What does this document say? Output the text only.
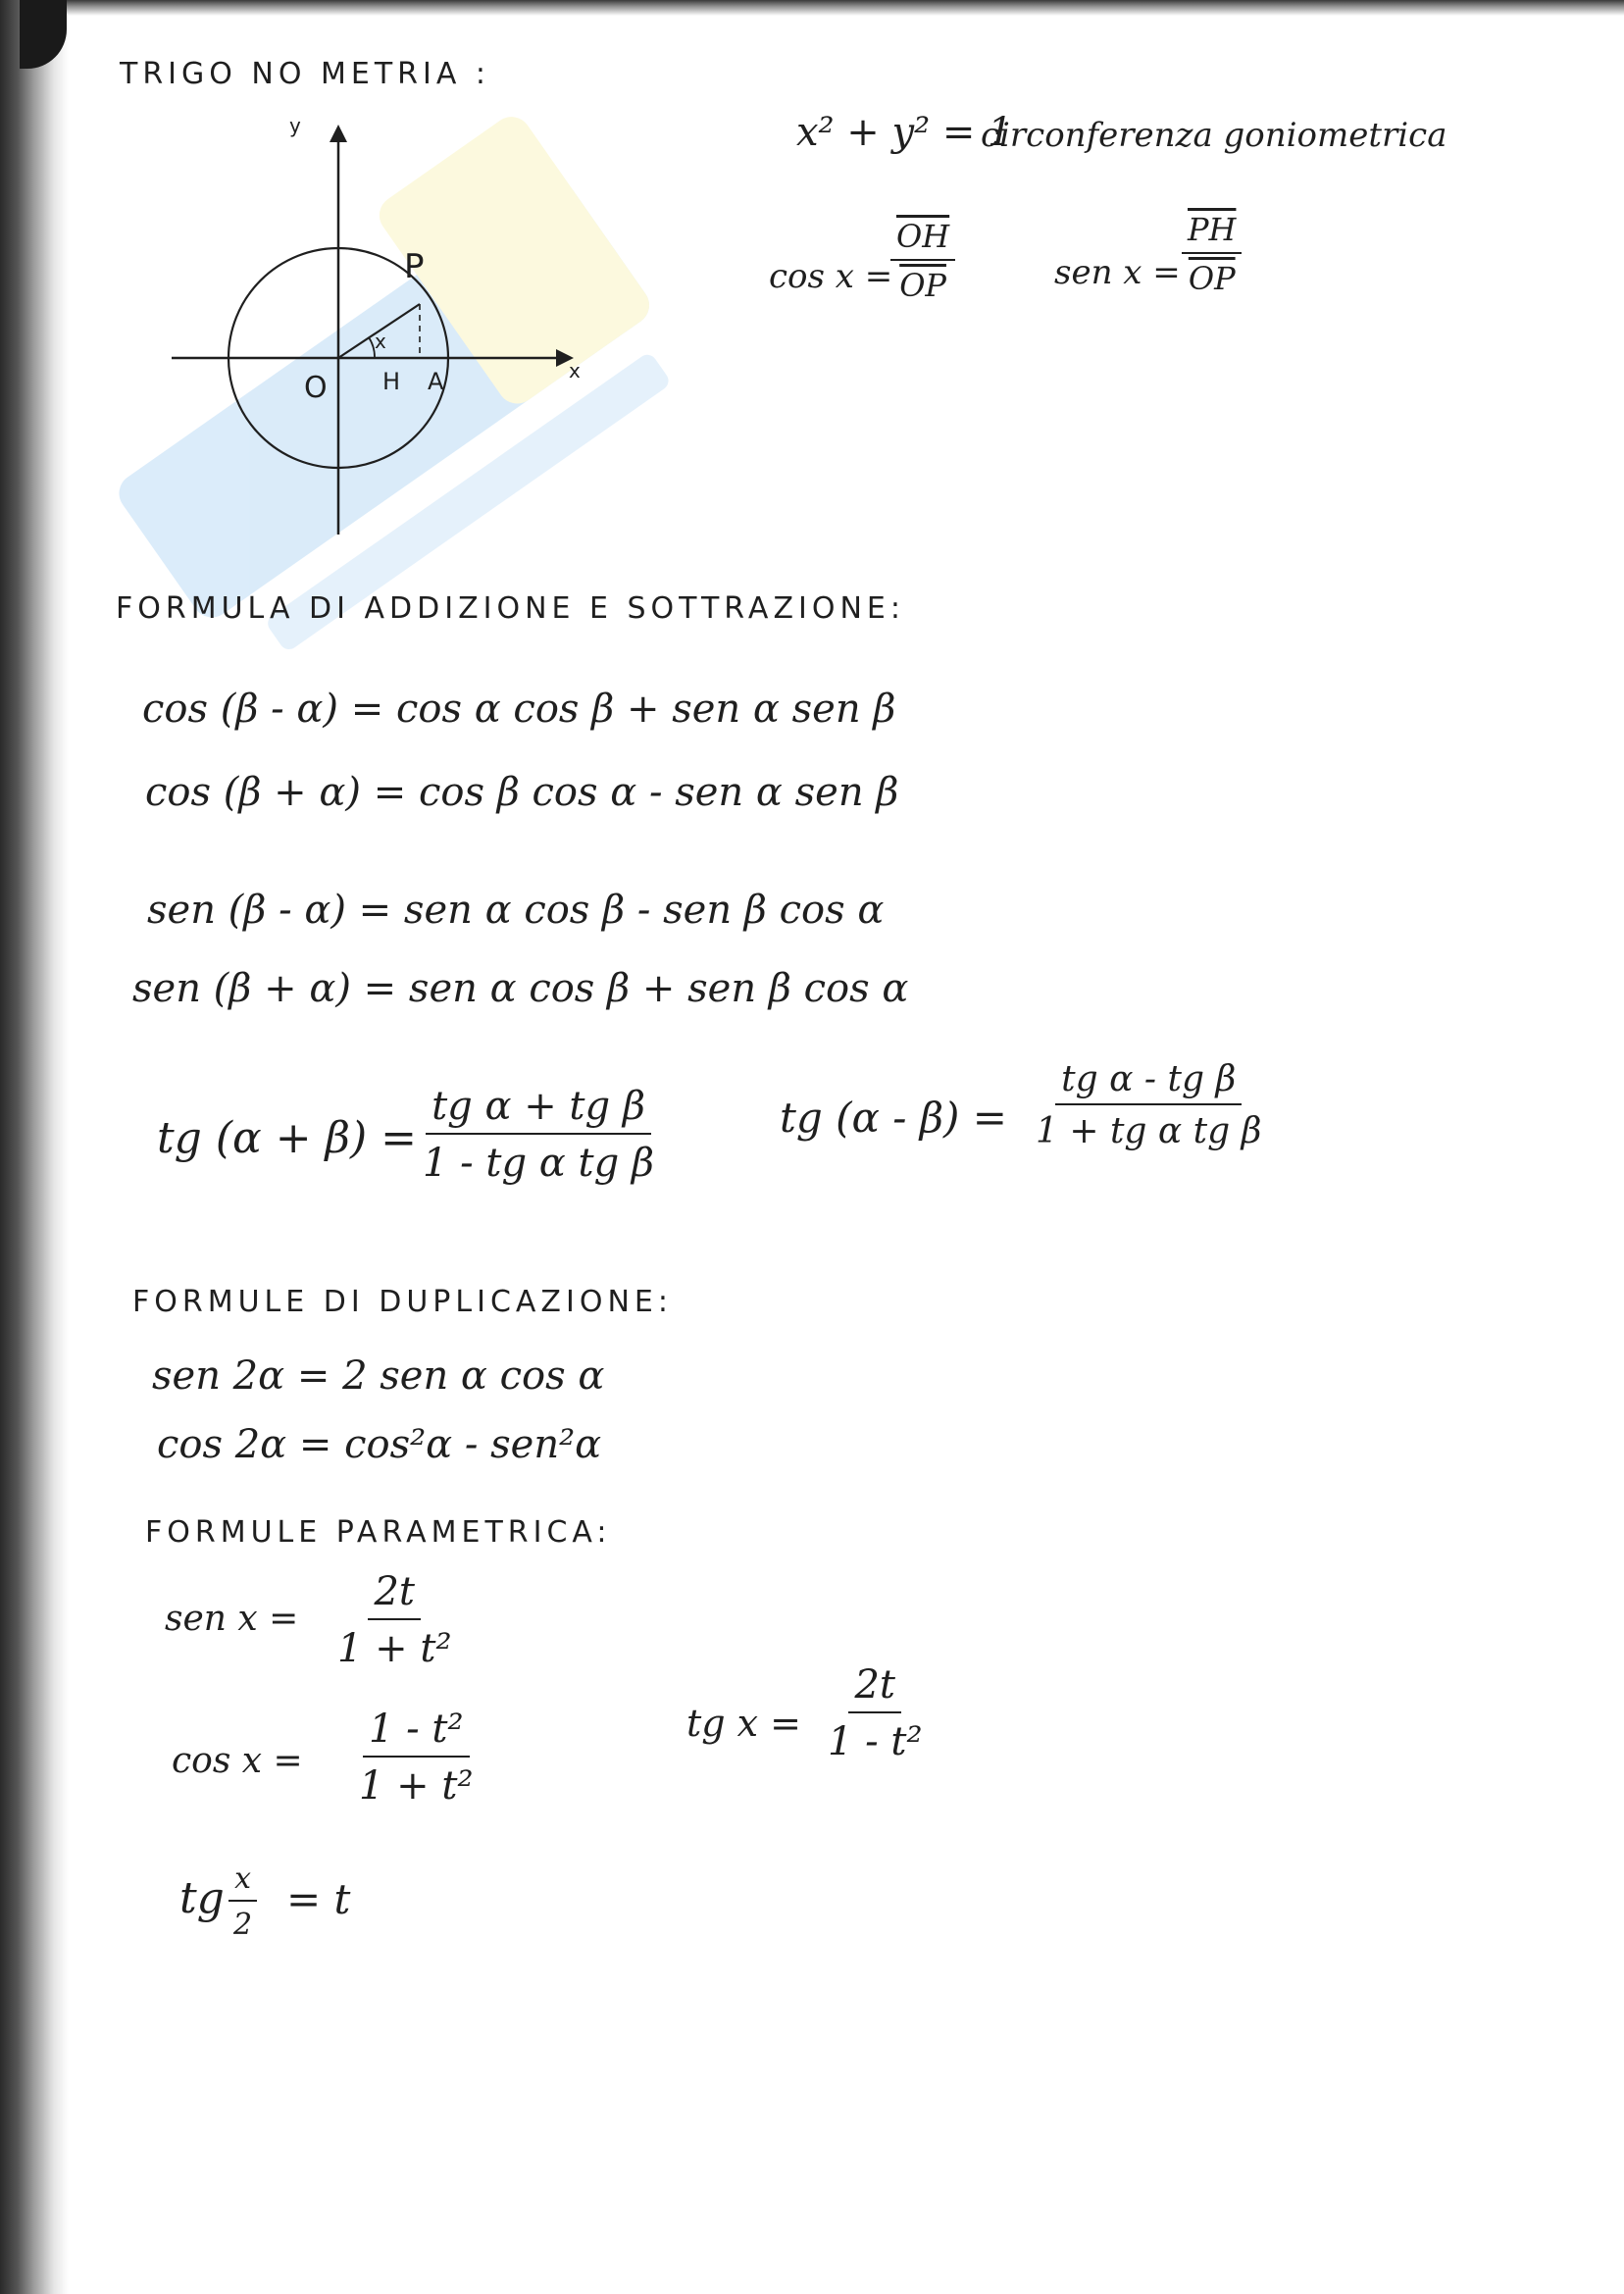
TRIGO NO METRIA :
y
x
P
O H A
x
x² + y² = 1
circonferenza goniometrica
cos x =
$\frac{\overline{OH}}{OP}$	sen $x = \frac{\overline{PH}}{OP}$
FORMULA DI ADDIZIONE E SOTTRAZIONE:
cos (β - α) = cos α cos β + sen α sen β
cos (β + α) = cos β cos α - sen α sen β
sen (β - α) = sen α cos β - sen β cos α
sen (β + α) = sen α cos β + sen β cos α
tg $(\alpha + \beta) = \frac{\text{tg α + tg β}}{\text{1 - tg α tg β}}$	tg $(\alpha - \beta) = \frac{\text{tg α - tg β}}{\text{1 + tg α tg β}}$
FORMULE DI DUPLICAZIONE:
sen 2α = 2 sen α cos α
cos 2α = cos²α - sen²α
FORMULE PARAMETRICA:
sen $x = \frac{2t}{\text{1 + t²}}$
$\cos x = \frac{\text{1 - t²}}{\text{1 + t²}}$	tg $x = \frac{2t}{\text{1 - t²}}$
tg $\frac{x}{2} = t$
